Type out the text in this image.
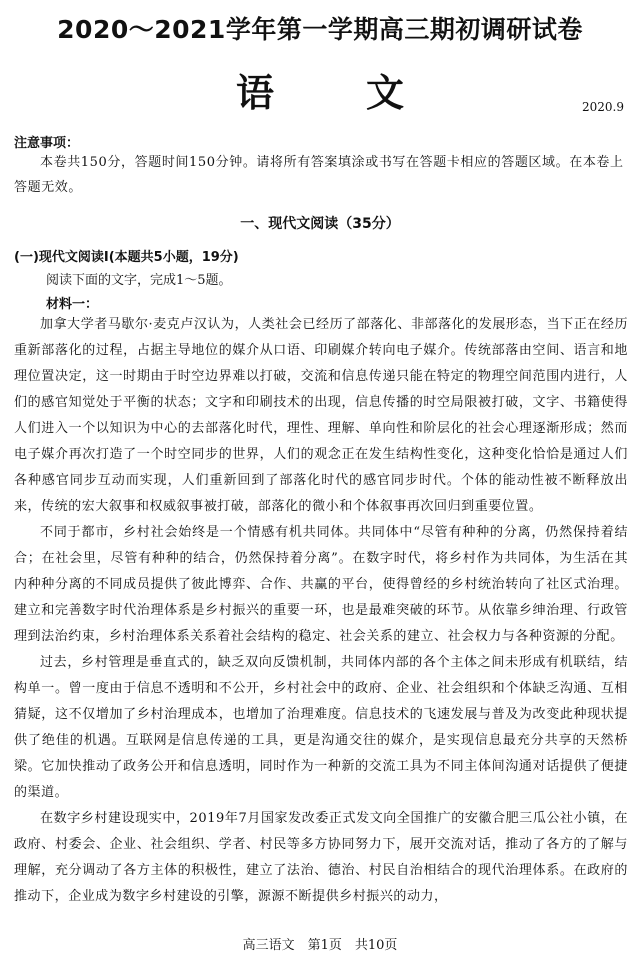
2020～2021学年第一学期高三期初调研试卷
语文	2020.9
注意事项：
本卷共150分，答题时间150分钟。请将所有答案填涂或书写在答题卡相应的答题区域。在本卷上答题无效。
一、现代文阅读（35分）
(一)现代文阅读Ⅰ(本题共5小题，19分)
阅读下面的文字，完成1～5题。
材料一：

加拿大学者马歇尔·麦克卢汉认为，人类社会已经历了部落化、非部落化的发展形态，当下正在经历重新部落化的过程，占据主导地位的媒介从口语、印刷媒介转向电子媒介。传统部落由空间、语言和地理位置决定，这一时期由于时空边界难以打破，交流和信息传递只能在特定的物理空间范围内进行，人们的感官知觉处于平衡的状态；文字和印刷技术的出现，信息传播的时空局限被打破，文字、书籍使得人们进入一个以知识为中心的去部落化时代，理性、理解、单向性和阶层化的社会心理逐渐形成；然而电子媒介再次打造了一个时空同步的世界，人们的观念正在发生结构性变化，这种变化恰恰是通过人们各种感官同步互动而实现，人们重新回到了部落化时代的感官同步时代。个体的能动性被不断释放出来，传统的宏大叙事和权威叙事被打破，部落化的微小和个体叙事再次回归到重要位置。

不同于都市，乡村社会始终是一个情感有机共同体。共同体中“尽管有种种的分离，仍然保持着结合；在社会里，尽管有种种的结合，仍然保持着分离”。在数字时代，将乡村作为共同体，为生活在其内种种分离的不同成员提供了彼此博弈、合作、共赢的平台，使得曾经的乡村统治转向了社区式治理。建立和完善数字时代治理体系是乡村振兴的重要一环，也是最难突破的环节。从依靠乡绅治理、行政管理到法治约束，乡村治理体系关系着社会结构的稳定、社会关系的建立、社会权力与各种资源的分配。

过去，乡村管理是垂直式的，缺乏双向反馈机制，共同体内部的各个主体之间未形成有机联结，结构单一。曾一度由于信息不透明和不公开，乡村社会中的政府、企业、社会组织和个体缺乏沟通、互相猜疑，这不仅增加了乡村治理成本，也增加了治理难度。信息技术的飞速发展与普及为改变此种现状提供了绝佳的机遇。互联网是信息传递的工具，更是沟通交往的媒介，是实现信息最充分共享的天然桥梁。它加快推动了政务公开和信息透明，同时作为一种新的交流工具为不同主体间沟通对话提供了便捷的渠道。

在数字乡村建设现实中，2019年7月国家发改委正式发文向全国推广的安徽合肥三瓜公社小镇，在政府、村委会、企业、社会组织、学者、村民等多方协同努力下，展开交流对话，推动了各方的了解与理解，充分调动了各方主体的积极性，建立了法治、德治、村民自治相结合的现代治理体系。在政府的推动下，企业成为数字乡村建设的引擎，源源不断提供乡村振兴的动力，

高三语文　第1页　共10页
